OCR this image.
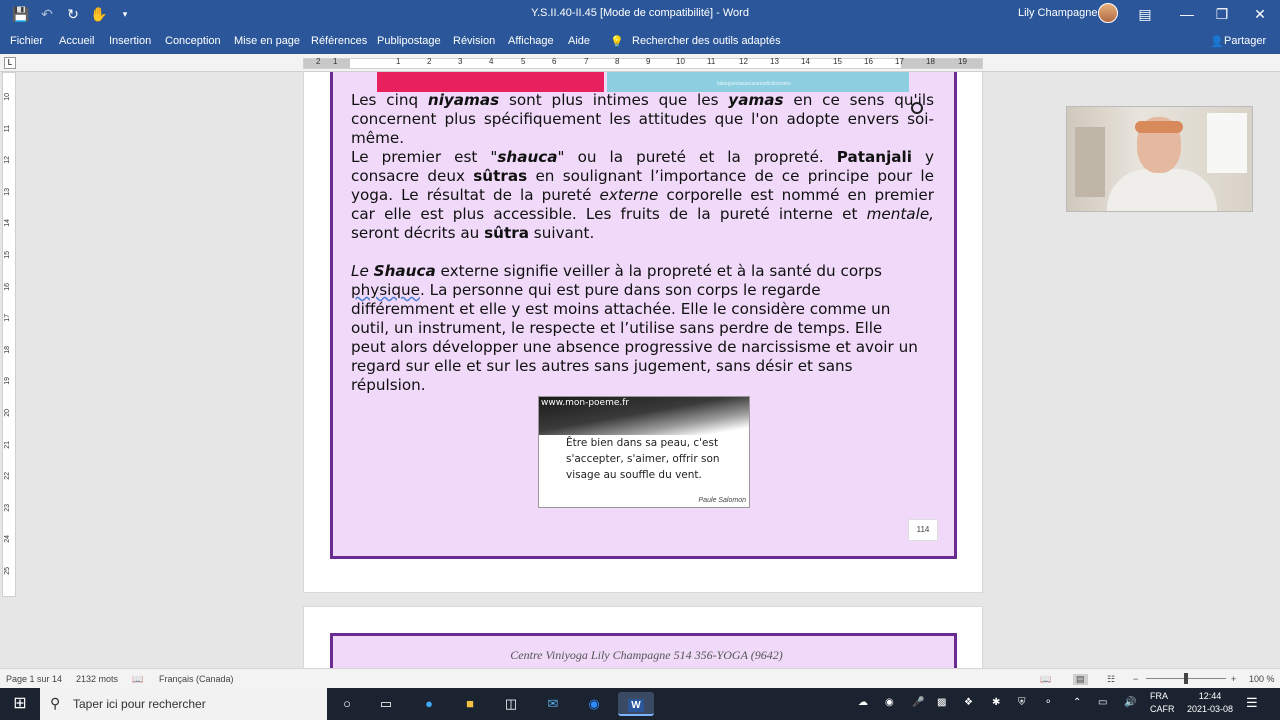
💾 ↶	↻ ✋	▾	Y.S.II.40-II.45 [Mode de compatibilité] - Word	Lily Champagne	▤	—	❐	✕
Fichier Accueil Insertion Conception Mise en page Références Publipostage Révision Affichage Aide 💡 Rechercher des outils adaptés	👤 Partager
L	2 1	1	2	3	4	5	6	7	8	9	10	11	12	13	14	15	16	17	18	19
10
11
12
13
14
15
16
17
18
19
20
21
22
23
24
25
lalangueclasseusuresdictionnaire
Les cinq niyamas sont plus intimes que les yamas en ce sens qu'ils
concernent plus spécifiquement les attitudes que l'on adopte envers soi-
même.
Le premier est "shauca" ou la pureté et la propreté. Patanjali y
consacre deux sûtras en soulignant l’importance de ce principe pour le
yoga. Le résultat de la pureté externe corporelle est nommé en premier
car elle est plus accessible. Les fruits de la pureté interne et mentale,
seront décrits au sûtra suivant.
Le Shauca externe signifie veiller à la propreté et à la santé du corps
physique. La personne qui est pure dans son corps le regarde
différemment et elle y est moins attachée. Elle le considère comme un
outil, un instrument, le respecte et l’utilise sans perdre de temps. Elle
peut alors développer une absence progressive de narcissisme et avoir un
regard sur elle et sur les autres sans jugement, sans désir et sans
répulsion.
www.mon-poeme.fr
Être bien dans sa peau, c'est s'accepter, s'aimer, offrir son visage au souffle du vent.
Paule Salomon
114
Centre Viniyoga Lily Champagne 514 356-YOGA (9642)
Page 1 sur 14 2132 mots 📖 Français (Canada)	📖	▤	☷ −	+ 100 %
⊞	⚲ Taper ici pour rechercher	○	▭	●	■	◫	✉	◉	W	☁ ◉ 🎤 ▩ ❖ ✱ ⛨ ⚬ ⌃ ▭ 🔊
FRA
CAFR
12:44
2021-03-08 ☰
